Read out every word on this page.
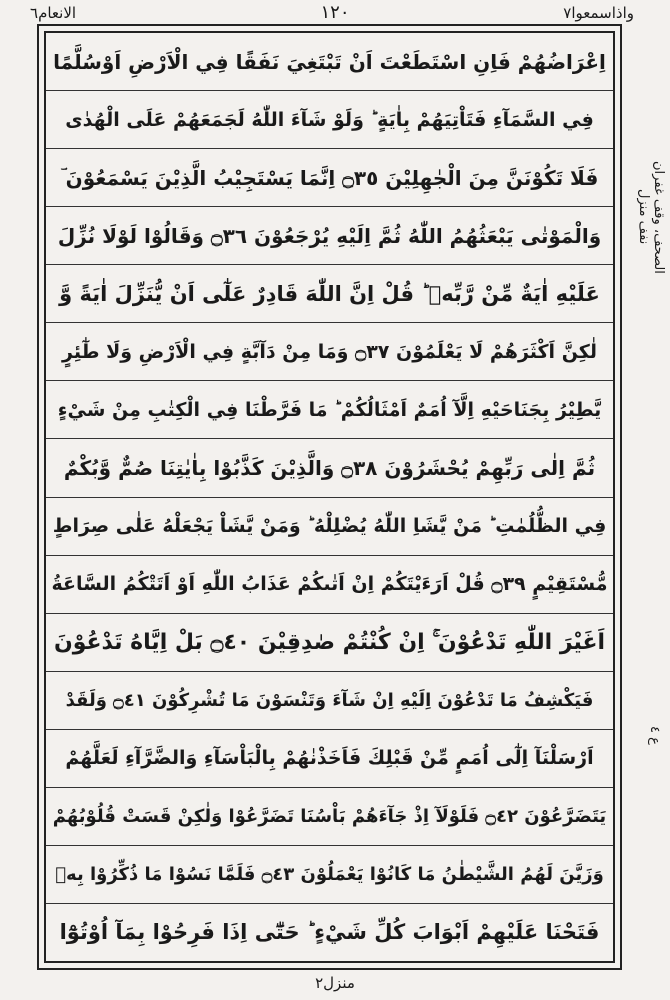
الانعام٦	١٢٠	واذاسمعوا٧
اِعْرَاضُهُمْ فَاِنِ اسْتَطَعْتَ اَنْ تَبْتَغِيَ نَفَقًا فِي الْاَرْضِ اَوْسُلَّمًا
فِي السَّمَآءِ فَتَاْتِيَهُمْ بِاٰيَةٍ ؕ وَلَوْ شَآءَ اللّٰهُ لَجَمَعَهُمْ عَلَى الْهُدٰى
فَلَا تَكُوْنَنَّ مِنَ الْجٰهِلِيْنَ ۝٣٥ اِنَّمَا يَسْتَجِيْبُ الَّذِيْنَ يَسْمَعُوْنَ ؔ
وَالْمَوْتٰى يَبْعَثُهُمُ اللّٰهُ ثُمَّ اِلَيْهِ يُرْجَعُوْنَ ۝٣٦ وَقَالُوْا لَوْلَا نُزِّلَ
عَلَيْهِ اٰيَةٌ مِّنْ رَّبِّهٖ ؕ قُلْ اِنَّ اللّٰهَ قَادِرٌ عَلٰٓى اَنْ يُّنَزِّلَ اٰيَةً وَّ
لٰكِنَّ اَكْثَرَهُمْ لَا يَعْلَمُوْنَ ۝٣٧ وَمَا مِنْ دَآبَّةٍ فِي الْاَرْضِ وَلَا طٰٓئِرٍ
يَّطِيْرُ بِجَنَاحَيْهِ اِلَّآ اُمَمٌ اَمْثَالُكُمْ ؕ مَا فَرَّطْنَا فِي الْكِتٰبِ مِنْ شَيْءٍ
ثُمَّ اِلٰى رَبِّهِمْ يُحْشَرُوْنَ ۝٣٨ وَالَّذِيْنَ كَذَّبُوْا بِاٰيٰتِنَا صُمٌّ وَّبُكْمٌ
فِي الظُّلُمٰتِ ؕ مَنْ يَّشَاِ اللّٰهُ يُضْلِلْهُ ؕ وَمَنْ يَّشَاْ يَجْعَلْهُ عَلٰى صِرَاطٍ
مُّسْتَقِيْمٍ ۝٣٩ قُلْ اَرَءَيْتَكُمْ اِنْ اَتٰىكُمْ عَذَابُ اللّٰهِ اَوْ اَتَتْكُمُ السَّاعَةُ
اَغَيْرَ اللّٰهِ تَدْعُوْنَ ۚ اِنْ كُنْتُمْ صٰدِقِيْنَ ۝٤٠ بَلْ اِيَّاهُ تَدْعُوْنَ
فَيَكْشِفُ مَا تَدْعُوْنَ اِلَيْهِ اِنْ شَآءَ وَتَنْسَوْنَ مَا تُشْرِكُوْنَ ۝٤١ وَلَقَدْ
اَرْسَلْنَآ اِلٰٓى اُمَمٍ مِّنْ قَبْلِكَ فَاَخَذْنٰهُمْ بِالْبَاْسَآءِ وَالضَّرَّآءِ لَعَلَّهُمْ
يَتَضَرَّعُوْنَ ۝٤٢ فَلَوْلَآ اِذْ جَآءَهُمْ بَاْسُنَا تَضَرَّعُوْا وَلٰكِنْ قَسَتْ قُلُوْبُهُمْ
وَزَيَّنَ لَهُمُ الشَّيْطٰنُ مَا كَانُوْا يَعْمَلُوْنَ ۝٤٣ فَلَمَّا نَسُوْا مَا ذُكِّرُوْا بِهٖ
فَتَحْنَا عَلَيْهِمْ اَبْوَابَ كُلِّ شَيْءٍ ؕ حَتّٰٓى اِذَا فَرِحُوْا بِمَآ اُوْتُوْٓا
الصحف، وقف غفران نفف منزل
ع ٤
منزل٢
